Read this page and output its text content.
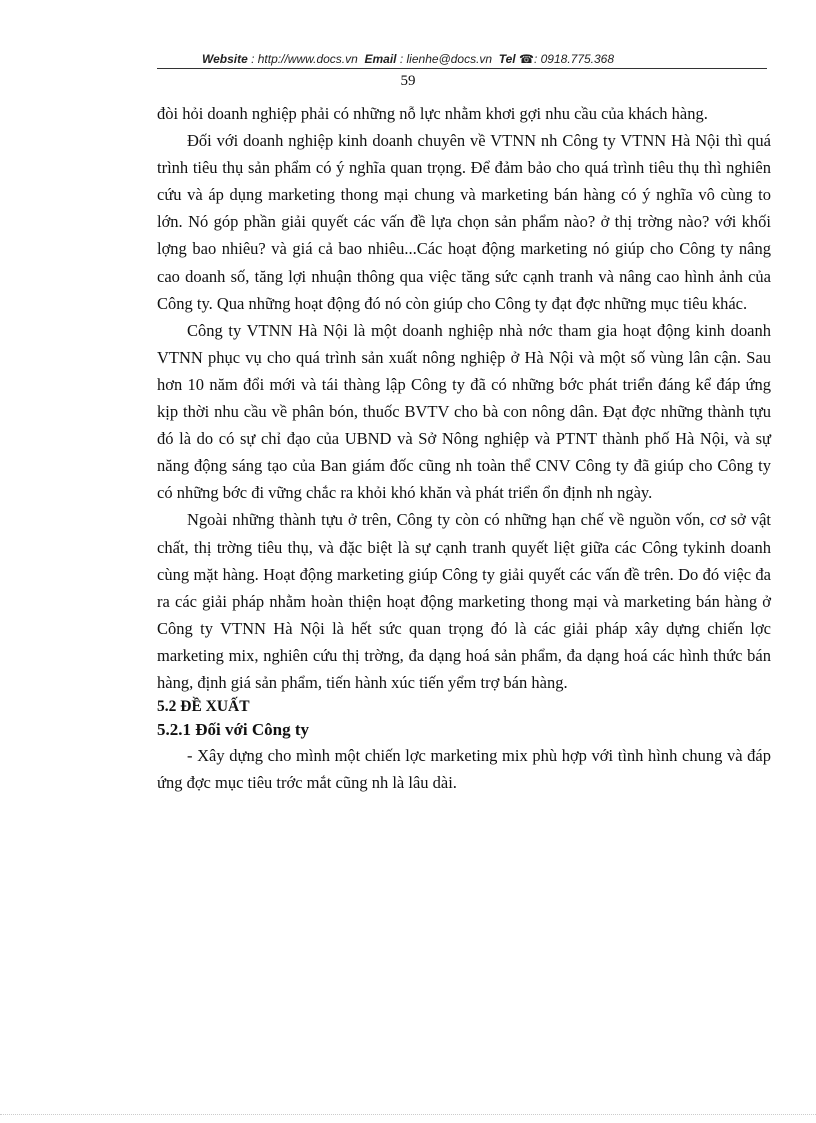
Website : http://www.docs.vn Email : lienhe@docs.vn Tel ☎: 0918.775.368
59

đòi hỏi doanh nghiệp phải có những nỗ lực nhằm khơi gợi nhu cầu của khách hàng.

Đối với doanh nghiệp kinh doanh chuyên về VTNN nh Công ty VTNN Hà Nội thì quá trình tiêu thụ sản phẩm có ý nghĩa quan trọng. Để đảm bảo cho quá trình tiêu thụ thì nghiên cứu và áp dụng marketing thong mại chung và marketing bán hàng có ý nghĩa vô cùng to lớn. Nó góp phần giải quyết các vấn đề lựa chọn sản phẩm nào? ở thị trờng nào? với khối lợng bao nhiêu? và giá cả bao nhiêu...Các hoạt động marketing nó giúp cho Công ty nâng cao doanh số, tăng lợi nhuận thông qua việc tăng sức cạnh tranh và nâng cao hình ảnh của Công ty. Qua những hoạt động đó nó còn giúp cho Công ty đạt đợc những mục tiêu khác.

Công ty VTNN Hà Nội là một doanh nghiệp nhà nớc tham gia hoạt động kinh doanh VTNN phục vụ cho quá trình sản xuất nông nghiệp ở Hà Nội và một số vùng lân cận. Sau hơn 10 năm đổi mới và tái thàng lập Công ty đã có những bớc phát triển đáng kể đáp ứng kịp thời nhu cầu về phân bón, thuốc BVTV cho bà con nông dân. Đạt đợc những thành tựu đó là do có sự chỉ đạo của UBND và Sở Nông nghiệp và PTNT thành phố Hà Nội, và sự năng động sáng tạo của Ban giám đốc cũng nh toàn thể CNV Công ty đã giúp cho Công ty có những bớc đi vững chắc ra khỏi khó khăn và phát triển ổn định nh ngày.

Ngoài những thành tựu ở trên, Công ty còn có những hạn chế về nguồn vốn, cơ sở vật chất, thị trờng tiêu thụ, và đặc biệt là sự cạnh tranh quyết liệt giữa các Công tykinh doanh cùng mặt hàng. Hoạt động marketing giúp Công ty giải quyết các vấn đề trên. Do đó việc đa ra các giải pháp nhằm hoàn thiện hoạt động marketing thong mại và marketing bán hàng ở Công ty VTNN Hà Nội là hết sức quan trọng đó là các giải pháp xây dựng chiến lợc marketing mix, nghiên cứu thị trờng, đa dạng hoá sản phẩm, đa dạng hoá các hình thức bán hàng, định giá sản phẩm, tiến hành xúc tiến yểm trợ bán hàng.

5.2 ĐỀ XUẤT

5.2.1 Đối với Công ty

- Xây dựng cho mình một chiến lợc marketing mix phù hợp với tình hình chung và đáp ứng đợc mục tiêu trớc mắt cũng nh là lâu dài.
